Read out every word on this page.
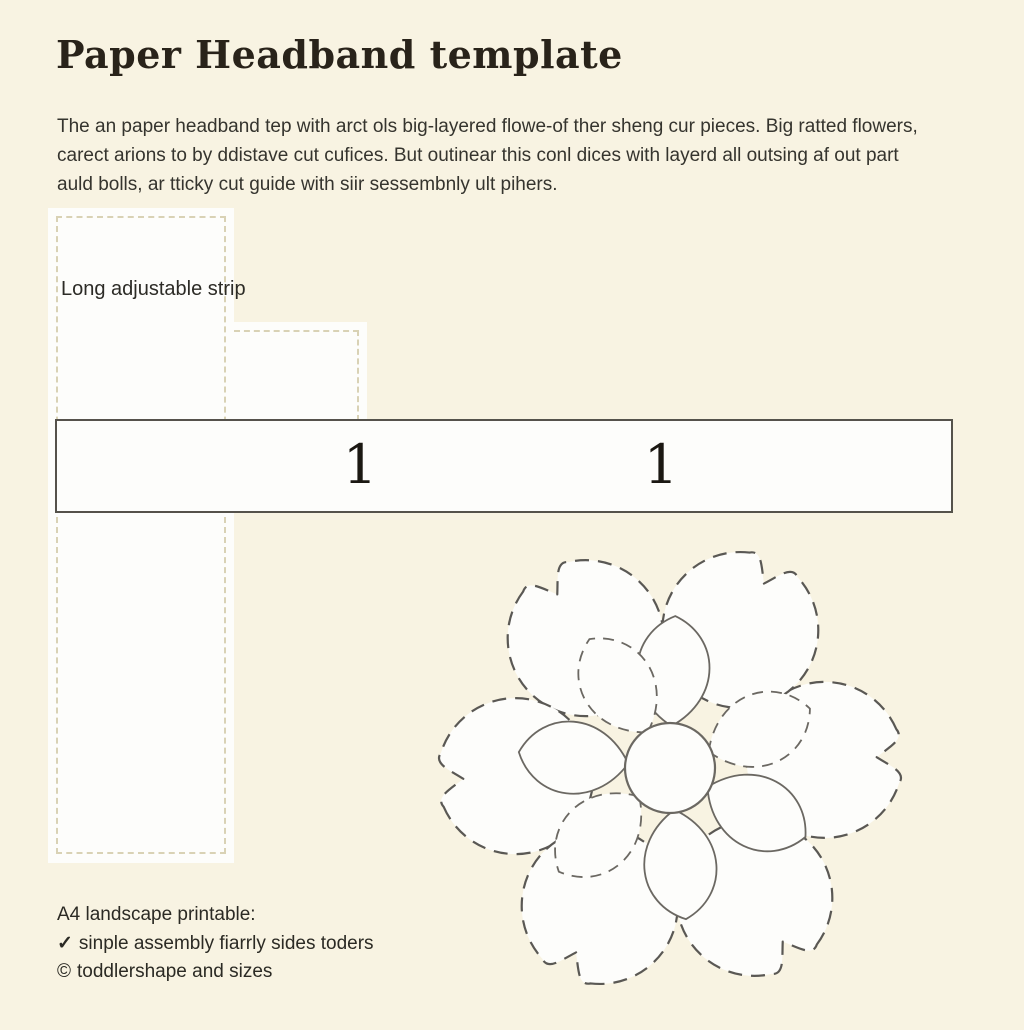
Paper Headband template
The an paper headband tep with arct ols big-layered flowe-of ther sheng cur pieces. Big ratted flowers,
carect arions to by ddistave cut cufices. But outinear this conl dices with layerd all outsing af out part
auld bolls, ar tticky cut guide with siir sessembnly ult pihers.
Long adjustable strip
1	1
A4 landscape printable:
✓ sinple assembly fiarrly sides toders
© toddlershape and sizes
